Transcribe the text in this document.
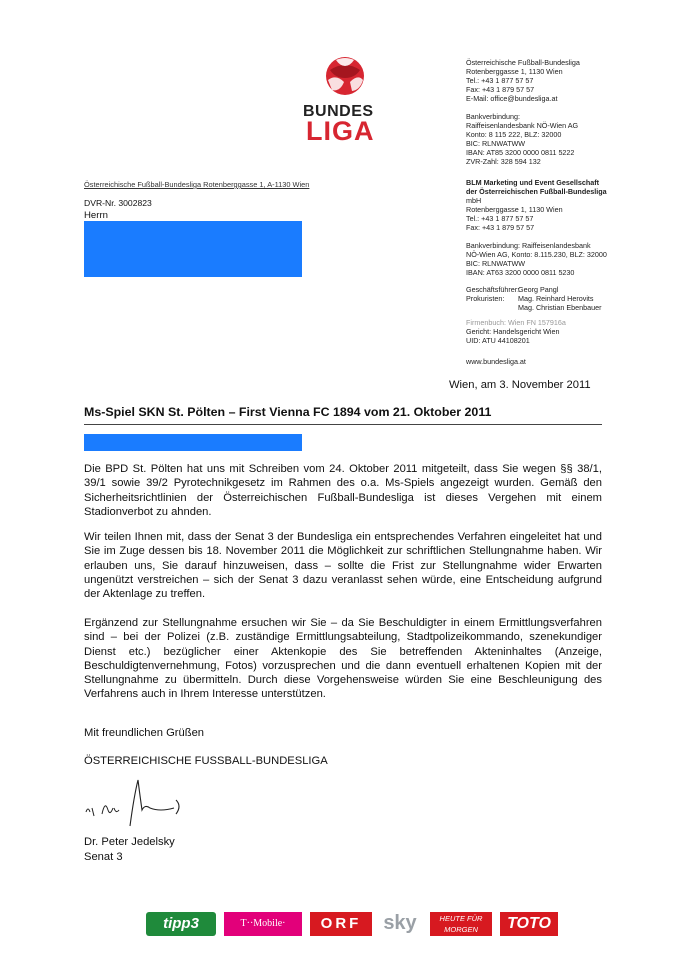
BUNDES
LIGA
Österreichische Fußball-Bundesliga
Rotenberggasse 1, 1130 Wien
Tel.: +43 1 877 57 57
Fax: +43 1 879 57 57
E-Mail: office@bundesliga.at
Bankverbindung:
Raiffeisenlandesbank NÖ-Wien AG
Konto: 8 115 222, BLZ: 32000
BIC: RLNWATWW
IBAN: AT85 3200 0000 0811 5222
ZVR-Zahl: 328 594 132
BLM Marketing und Event Gesellschaft
der Österreichischen Fußball-Bundesliga
mbH
Rotenberggasse 1, 1130 Wien
Tel.: +43 1 877 57 57
Fax: +43 1 879 57 57
Bankverbindung: Raiffeisenlandesbank
NÖ-Wien AG, Konto: 8.115.230, BLZ: 32000
BIC: RLNWATWW
IBAN: AT63 3200 0000 0811 5230
Geschäftsführer:Georg Pangl
Prokuristen: Mag. Reinhard Herovits
Mag. Christian Ebenbauer
Firmenbuch: Wien FN 157916a
Gericht: Handelsgericht Wien
UID: ATU 44108201
www.bundesliga.at
Österreichische Fußball-Bundesliga Rotenberggasse 1, A-1130 Wien
DVR-Nr. 3002823
Herrn
Wien, am 3. November 2011
Ms-Spiel SKN St. Pölten – First Vienna FC 1894 vom 21. Oktober 2011
Die BPD St. Pölten hat uns mit Schreiben vom 24. Oktober 2011 mitgeteilt, dass Sie wegen §§ 38/1, 39/1 sowie 39/2 Pyrotechnikgesetz im Rahmen des o.a. Ms-Spiels angezeigt wurden. Gemäß den Sicherheitsrichtlinien der Österreichischen Fußball-Bundesliga ist dieses Vergehen mit einem Stadionverbot zu ahnden.
Wir teilen Ihnen mit, dass der Senat 3 der Bundesliga ein entsprechendes Verfahren eingeleitet hat und Sie im Zuge dessen bis 18. November 2011 die Möglichkeit zur schriftlichen Stellungnahme haben. Wir erlauben uns, Sie darauf hinzuweisen, dass – sollte die Frist zur Stellungnahme wider Erwarten ungenützt verstreichen – sich der Senat 3 dazu veranlasst sehen würde, eine Entscheidung aufgrund der Aktenlage zu treffen.
Ergänzend zur Stellungnahme ersuchen wir Sie – da Sie Beschuldigter in einem Ermittlungsverfahren sind – bei der Polizei (z.B. zuständige Ermittlungsabteilung, Stadtpolizeikommando, szenekundiger Dienst etc.) bezüglicher einer Aktenkopie des Sie betreffenden Akteninhaltes (Anzeige, Beschuldigtenvernehmung, Fotos) vorzusprechen und die dann eventuell erhaltenen Kopien mit der Stellungnahme zu übermitteln. Durch diese Vorgehensweise würden Sie eine Beschleunigung des Verfahrens auch in Ihrem Interesse unterstützen.
Mit freundlichen Grüßen
ÖSTERREICHISCHE FUSSBALL-BUNDESLIGA
Dr. Peter Jedelsky
Senat 3
tipp3	T··Mobile·	ORF	sky	HEUTE FÜR MORGEN	TOTO
